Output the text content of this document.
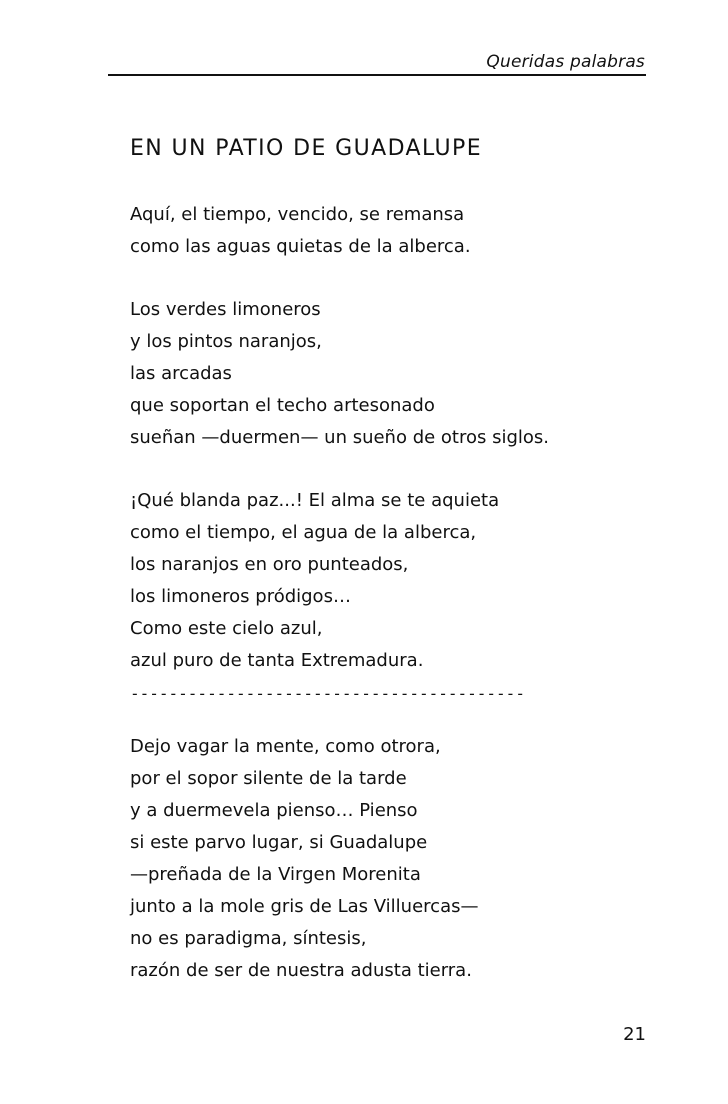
Queridas palabras
EN UN PATIO DE GUADALUPE
Aquí, el tiempo, vencido, se remansa
como las aguas quietas de la alberca.
Los verdes limoneros
y los pintos naranjos,
las arcadas
que soportan el techo artesonado
sueñan —duermen— un sueño de otros siglos.
¡Qué blanda paz...! El alma se te aquieta
como el tiempo, el agua de la alberca,
los naranjos en oro punteados,
los limoneros pródigos…
Como este cielo azul,
azul puro de tanta Extremadura.
-----------------------------------------
Dejo vagar la mente, como otrora,
por el sopor silente de la tarde
y a duermevela pienso… Pienso
si este parvo lugar, si Guadalupe
—preñada de la Virgen Morenita
junto a la mole gris de Las Villuercas—
no es paradigma, síntesis,
razón de ser de nuestra adusta tierra.
21
